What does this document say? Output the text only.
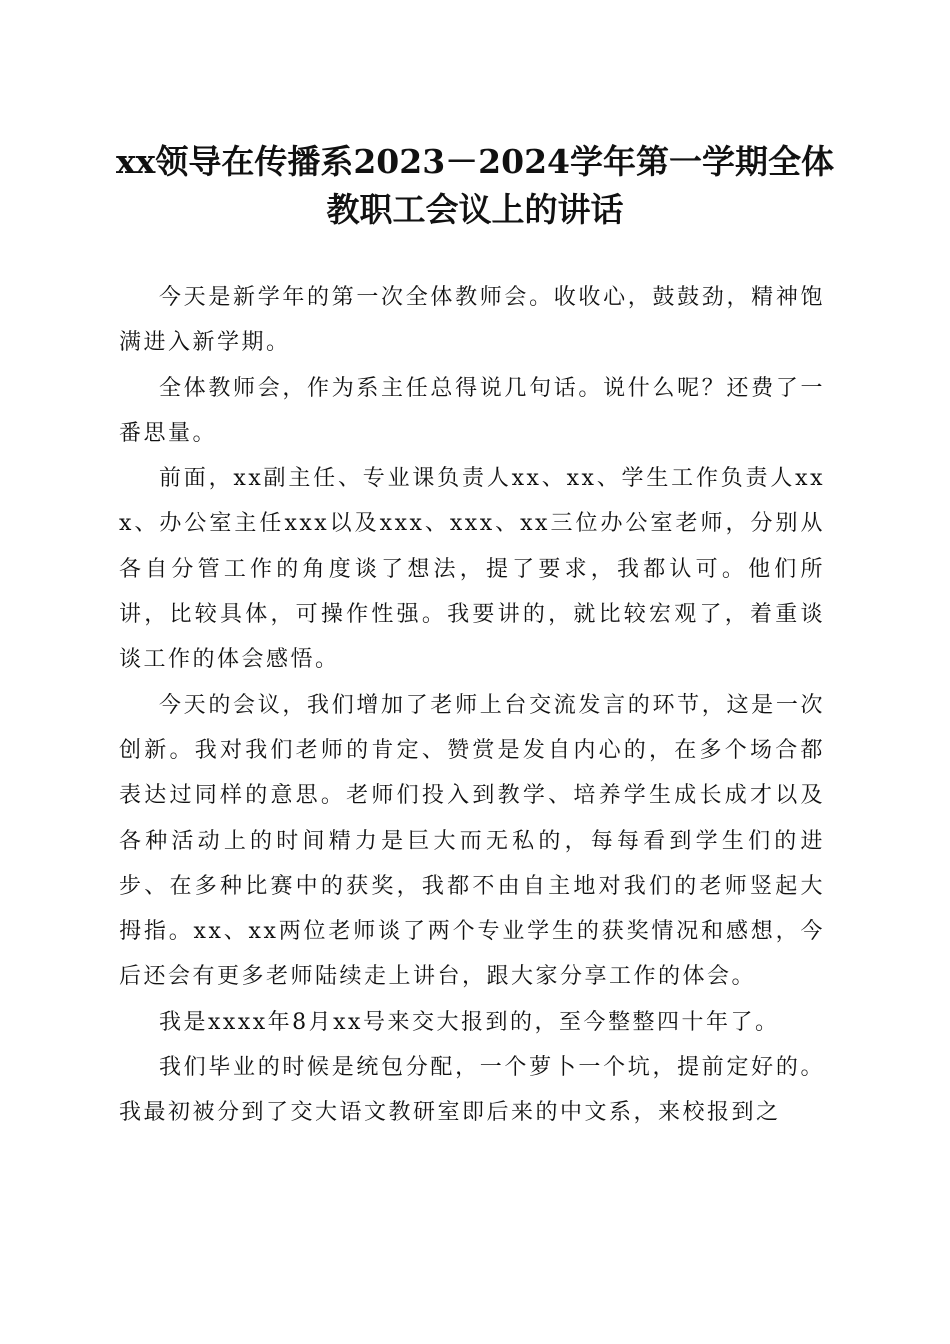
xx领导在传播系2023－2024学年第一学期全体教职工会议上的讲话

今天是新学年的第一次全体教师会。收收心，鼓鼓劲，精神饱满进入新学期。

全体教师会，作为系主任总得说几句话。说什么呢？还费了一番思量。

前面，xx副主任、专业课负责人xx、xx、学生工作负责人xxx、办公室主任xxx以及xxx、xxx、xx三位办公室老师，分别从各自分管工作的角度谈了想法，提了要求，我都认可。他们所讲，比较具体，可操作性强。我要讲的，就比较宏观了，着重谈谈工作的体会感悟。

今天的会议，我们增加了老师上台交流发言的环节，这是一次创新。我对我们老师的肯定、赞赏是发自内心的，在多个场合都表达过同样的意思。老师们投入到教学、培养学生成长成才以及各种活动上的时间精力是巨大而无私的，每每看到学生们的进步、在多种比赛中的获奖，我都不由自主地对我们的老师竖起大拇指。xx、xx两位老师谈了两个专业学生的获奖情况和感想，今后还会有更多老师陆续走上讲台，跟大家分享工作的体会。

我是xxxx年8月xx号来交大报到的，至今整整四十年了。

我们毕业的时候是统包分配，一个萝卜一个坑，提前定好的。我最初被分到了交大语文教研室即后来的中文系，来校报到之
